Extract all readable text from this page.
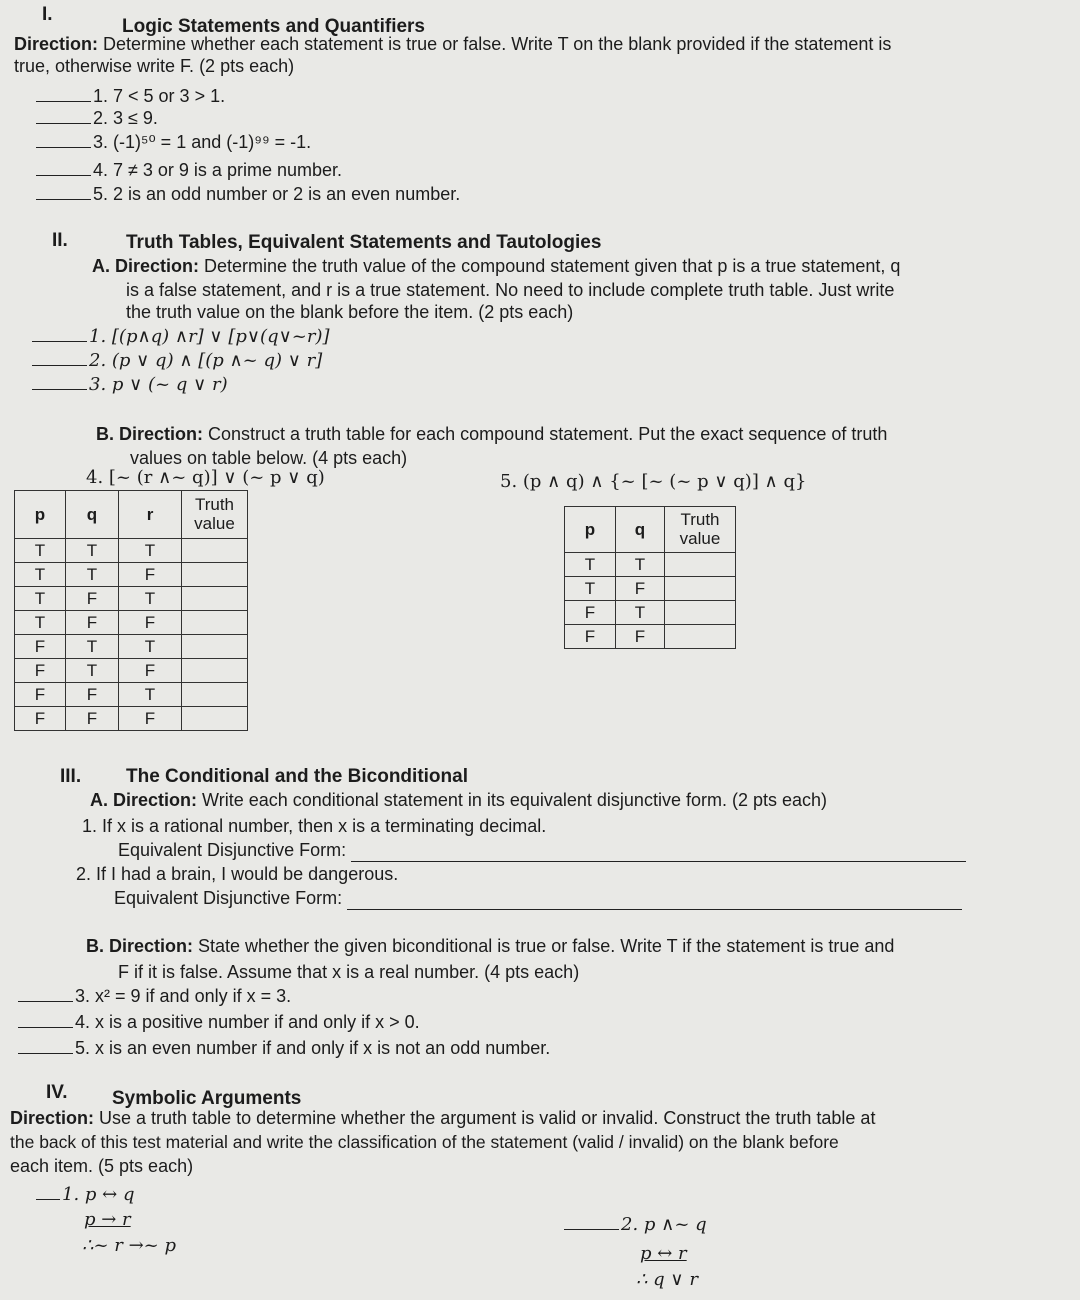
I.
Logic Statements and Quantifiers
Direction: Determine whether each statement is true or false. Write T on the blank provided if the statement is
true, otherwise write F. (2 pts each)
1. 7 < 5 or 3 > 1.
2. 3 ≤ 9.
3. (-1)⁵⁰ = 1 and (-1)⁹⁹ = -1.
4. 7 ≠ 3 or 9 is a prime number.
5. 2 is an odd number or 2 is an even number.
II.	Truth Tables, Equivalent Statements and Tautologies
A. Direction: Determine the truth value of the compound statement given that p is a true statement, q
is a false statement, and r is a true statement. No need to include complete truth table. Just write
the truth value on the blank before the item. (2 pts each)
1. [(p∧q) ∧r] ∨ [p∨(q∨~r)]
2. (p ∨ q) ∧ [(p ∧~ q) ∨ r]
3. p ∨ (~ q ∨ r)
B. Direction: Construct a truth table for each compound statement. Put the exact sequence of truth
values on table below. (4 pts each)
4. [~ (r ∧~ q)] ∨ (~ p ∨ q)	5. (p ∧ q) ∧ {~ [~ (~ p ∨ q)] ∧ q}
p	q	r	Truth value
T	T	T	
T	T	F	
T	F	T	
T	F	F	
F	T	T	
F	T	F	
F	F	T	
F	F	F	
p	q	Truth value
T	T	
T	F	
F	T	
F	F	
III. The Conditional and the Biconditional
A. Direction: Write each conditional statement in its equivalent disjunctive form. (2 pts each)
1. If x is a rational number, then x is a terminating decimal.
Equivalent Disjunctive Form:
2. If I had a brain, I would be dangerous.
Equivalent Disjunctive Form:
B. Direction: State whether the given biconditional is true or false. Write T if the statement is true and
F if it is false. Assume that x is a real number. (4 pts each)
3. x² = 9 if and only if x = 3.
4. x is a positive number if and only if x > 0.
5. x is an even number if and only if x is not an odd number.
IV. Symbolic Arguments
Direction: Use a truth table to determine whether the argument is valid or invalid. Construct the truth table at
the back of this test material and write the classification of the statement (valid / invalid) on the blank before
each item. (5 pts each)
1. p ↔ q
p → r
∴~ r →~ p
2. p ∧~ q
p ↔ r
∴ q ∨ r
